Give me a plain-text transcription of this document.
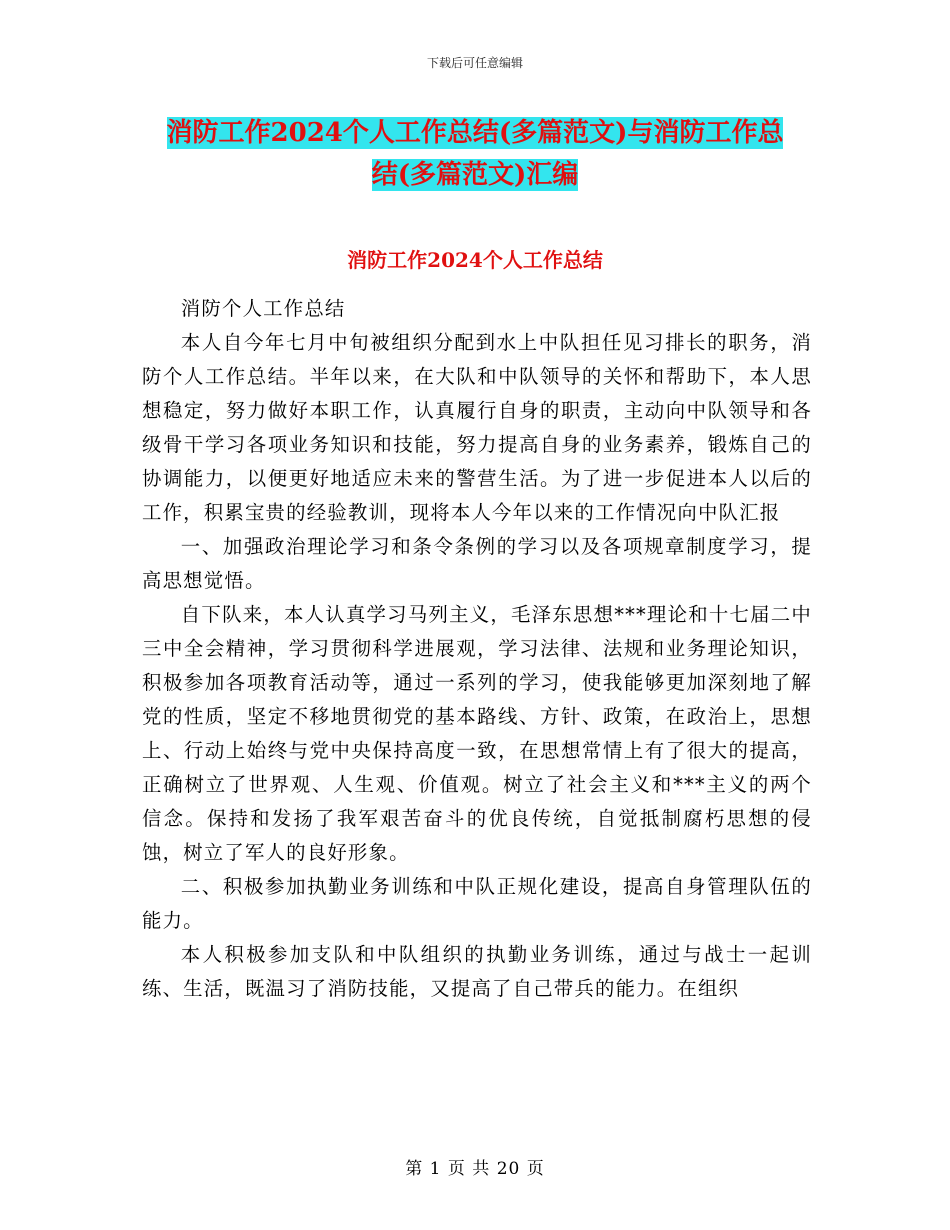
下载后可任意编辑
消防工作2024个人工作总结(多篇范文)与消防工作总
结(多篇范文)汇编
消防工作2024个人工作总结

消防个人工作总结

本人自今年七月中旬被组织分配到水上中队担任见习排长的职务，消防个人工作总结。半年以来，在大队和中队领导的关怀和帮助下，本人思想稳定，努力做好本职工作，认真履行自身的职责，主动向中队领导和各级骨干学习各项业务知识和技能，努力提高自身的业务素养，锻炼自己的协调能力，以便更好地适应未来的警营生活。为了进一步促进本人以后的工作，积累宝贵的经验教训，现将本人今年以来的工作情况向中队汇报

一、加强政治理论学习和条令条例的学习以及各项规章制度学习，提高思想觉悟。

自下队来，本人认真学习马列主义，毛泽东思想***理论和十七届二中三中全会精神，学习贯彻科学进展观，学习法律、法规和业务理论知识，积极参加各项教育活动等，通过一系列的学习，使我能够更加深刻地了解党的性质，坚定不移地贯彻党的基本路线、方针、政策，在政治上，思想上、行动上始终与党中央保持高度一致，在思想常情上有了很大的提高，正确树立了世界观、人生观、价值观。树立了社会主义和***主义的两个信念。保持和发扬了我军艰苦奋斗的优良传统，自觉抵制腐朽思想的侵蚀，树立了军人的良好形象。

二、积极参加执勤业务训练和中队正规化建设，提高自身管理队伍的能力。

本人积极参加支队和中队组织的执勤业务训练，通过与战士一起训练、生活，既温习了消防技能，又提高了自己带兵的能力。在组织

第 1 页 共 20 页
